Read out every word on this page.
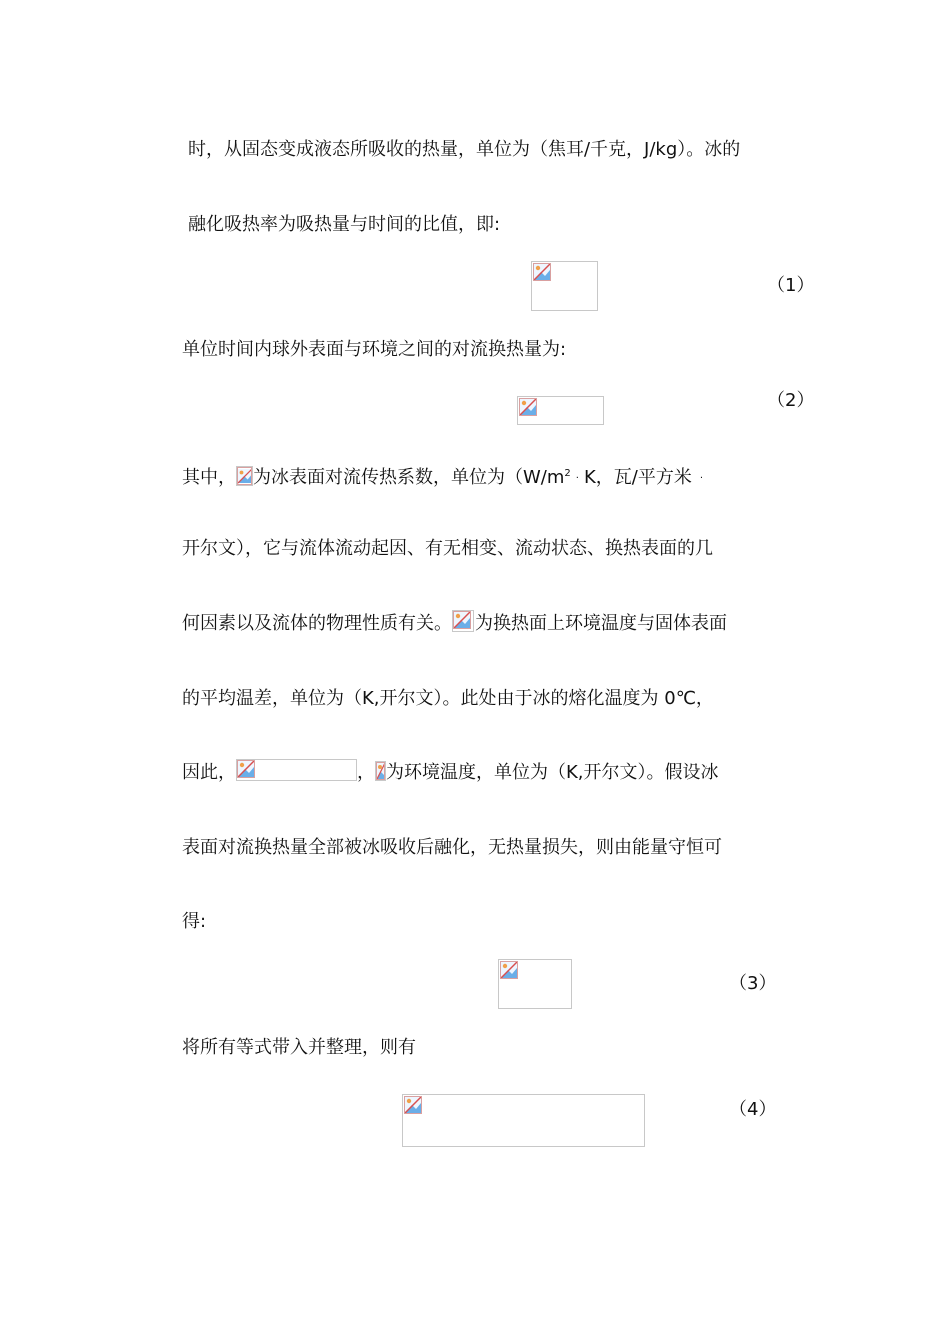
时，从固态变成液态所吸收的热量，单位为（焦耳/千克，J/kg）。冰的
融化吸热率为吸热量与时间的比值，即:
（1）
单位时间内球外表面与环境之间的对流换热量为:
（2）
其中， 为冰表面对流传热系数，单位为（$W/m^2 \cdot K$，瓦/平方米 ·
开尔文），它与流体流动起因、有无相变、流动状态、换热表面的几
何因素以及流体的物理性质有关。 为换热面上环境温度与固体表面
的平均温差，单位为（K,开尔文）。此处由于冰的熔化温度为 0℃，
因此，	， 为环境温度，单位为（K,开尔文）。假设冰
表面对流换热量全部被冰吸收后融化，无热量损失，则由能量守恒可
得:
（3）
将所有等式带入并整理，则有
（4）
